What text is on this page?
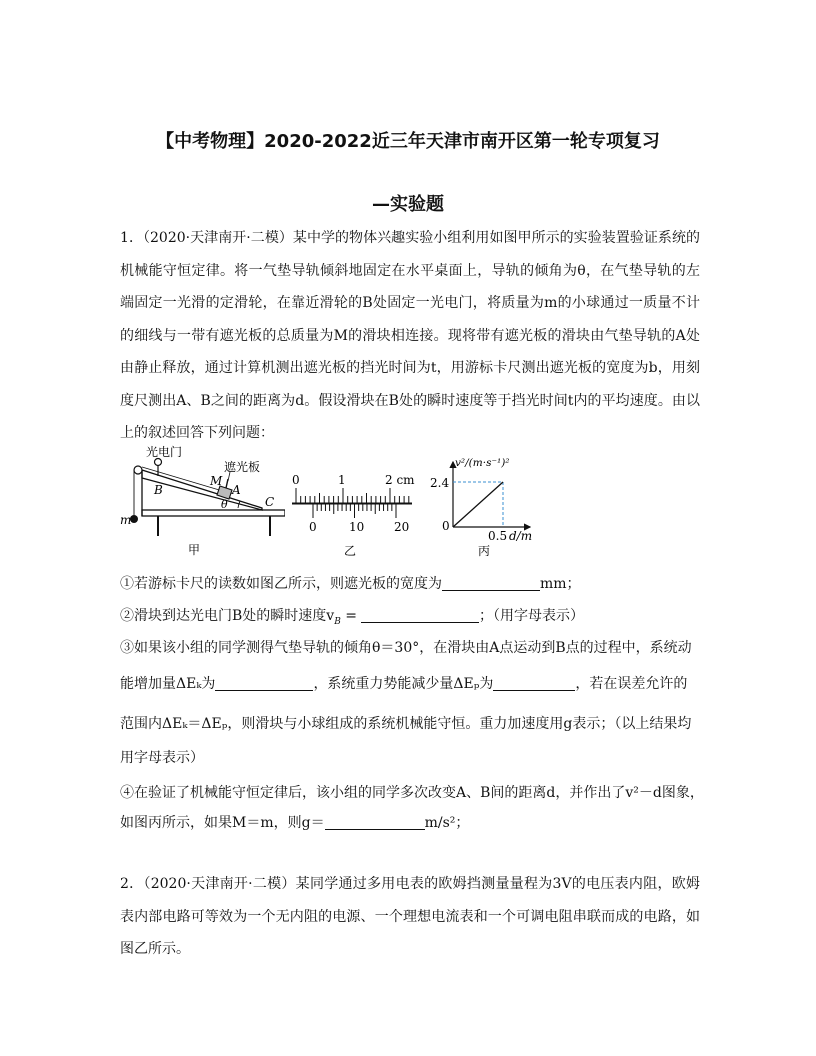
【中考物理】2020-2022近三年天津市南开区第一轮专项复习
—实验题
1．（2020·天津南开·二模）某中学的物体兴趣实验小组利用如图甲所示的实验装置验证系统的机械能守恒定律。将一气垫导轨倾斜地固定在水平桌面上，导轨的倾角为θ，在气垫导轨的左端固定一光滑的定滑轮，在靠近滑轮的B处固定一光电门，将质量为m的小球通过一质量不计的细线与一带有遮光板的总质量为M的滑块相连接。现将带有遮光板的滑块由气垫导轨的A处由静止释放，通过计算机测出遮光板的挡光时间为t，用游标卡尺测出遮光板的宽度为b，用刻度尺测出A、B之间的距离为d。假设滑块在B处的瞬时速度等于挡光时间t内的平均速度。由以上的叙述回答下列问题：
光电门
遮光板
B
M
A
θ	C
m
甲
0	1	2 cm
0	10 20
乙
v²/(m·s⁻¹)²
2.4
0
0.5 d/m
丙
①若游标卡尺的读数如图乙所示，则遮光板的宽度为	mm；
②滑块到达光电门B处的瞬时速度$v_B$ =	；（用字母表示）
③如果该小组的同学测得气垫导轨的倾角θ＝30°，在滑块由A点运动到B点的过程中，系统动
能增加量ΔEₖ为	，系统重力势能减少量ΔEₚ为	，若在误差允许的
范围内ΔEₖ＝ΔEₚ，则滑块与小球组成的系统机械能守恒。重力加速度用g表示；（以上结果均
用字母表示）
④在验证了机械能守恒定律后，该小组的同学多次改变A、B间的距离d，并作出了v²－d图象，
如图丙所示，如果M＝m，则g＝	m/s²；
2．（2020·天津南开·二模）某同学通过多用电表的欧姆挡测量量程为3V的电压表内阻，欧姆表内部电路可等效为一个无内阻的电源、一个理想电流表和一个可调电阻串联而成的电路，如图乙所示。
